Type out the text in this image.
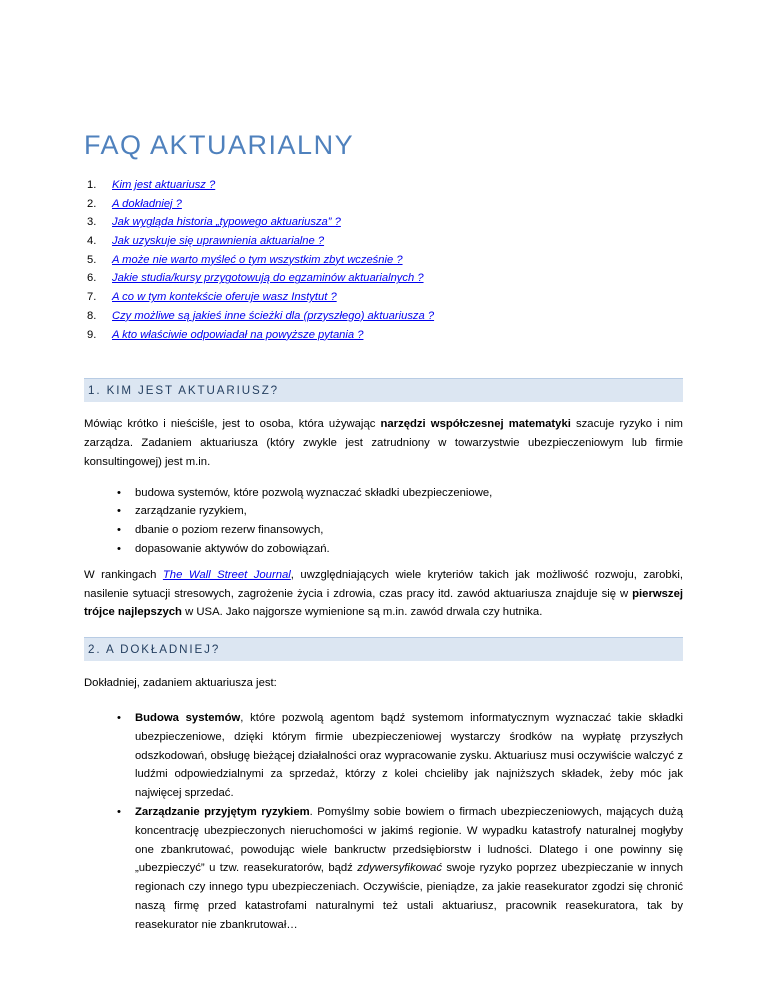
FAQ AKTUARIALNY
1.	Kim jest aktuariusz ?
2.	A dokładniej ?
3.	Jak wygląda historia „typowego aktuariusza” ?
4.	Jak uzyskuje się uprawnienia aktuarialne ?
5.	A może nie warto myśleć o tym wszystkim zbyt wcześnie ?
6.	Jakie studia/kursy przygotowują do egzaminów aktuarialnych ?
7.	A co w tym kontekście oferuje wasz Instytut ?
8.	Czy możliwe są jakieś inne ścieżki dla (przyszłego) aktuariusza ?
9.	A kto właściwie odpowiadał na powyższe pytania ?
1. KIM JEST AKTUARIUSZ?

Mówiąc krótko i nieściśle, jest to osoba, która używając narzędzi współczesnej matematyki szacuje ryzyko i nim zarządza. Zadaniem aktuariusza (który zwykle jest zatrudniony w towarzystwie ubezpieczeniowym lub firmie konsultingowej) jest m.in.

• budowa systemów, które pozwolą wyznaczać składki ubezpieczeniowe,
• zarządzanie ryzykiem,
• dbanie o poziom rezerw finansowych,
• dopasowanie aktywów do zobowiązań.

W rankingach The Wall Street Journal, uwzględniających wiele kryteriów takich jak możliwość rozwoju, zarobki, nasilenie sytuacji stresowych, zagrożenie życia i zdrowia, czas pracy itd. zawód aktuariusza znajduje się w pierwszej trójce najlepszych w USA. Jako najgorsze wymienione są m.in. zawód drwala czy hutnika.

2. A DOKŁADNIEJ?

Dokładniej, zadaniem aktuariusza jest:

• Budowa systemów, które pozwolą agentom bądź systemom informatycznym wyznaczać takie składki ubezpieczeniowe, dzięki którym firmie ubezpieczeniowej wystarczy środków na wypłatę przyszłych odszkodowań, obsługę bieżącej działalności oraz wypracowanie zysku. Aktuariusz musi oczywiście walczyć z ludźmi odpowiedzialnymi za sprzedaż, którzy z kolei chcieliby jak najniższych składek, żeby móc jak najwięcej sprzedać.
• Zarządzanie przyjętym ryzykiem. Pomyślmy sobie bowiem o firmach ubezpieczeniowych, mających dużą koncentrację ubezpieczonych nieruchomości w jakimś regionie. W wypadku katastrofy naturalnej mogłyby one zbankrutować, powodując wiele bankructw przedsiębiorstw i ludności. Dlatego i one powinny się „ubezpieczyć” u tzw. reasekuratorów, bądź zdywersyfikować swoje ryzyko poprzez ubezpieczanie w innych regionach czy innego typu ubezpieczeniach. Oczywiście, pieniądze, za jakie reasekurator zgodzi się chronić naszą firmę przed katastrofami naturalnymi też ustali aktuariusz, pracownik reasekuratora, tak by reasekurator nie zbankrutował…
